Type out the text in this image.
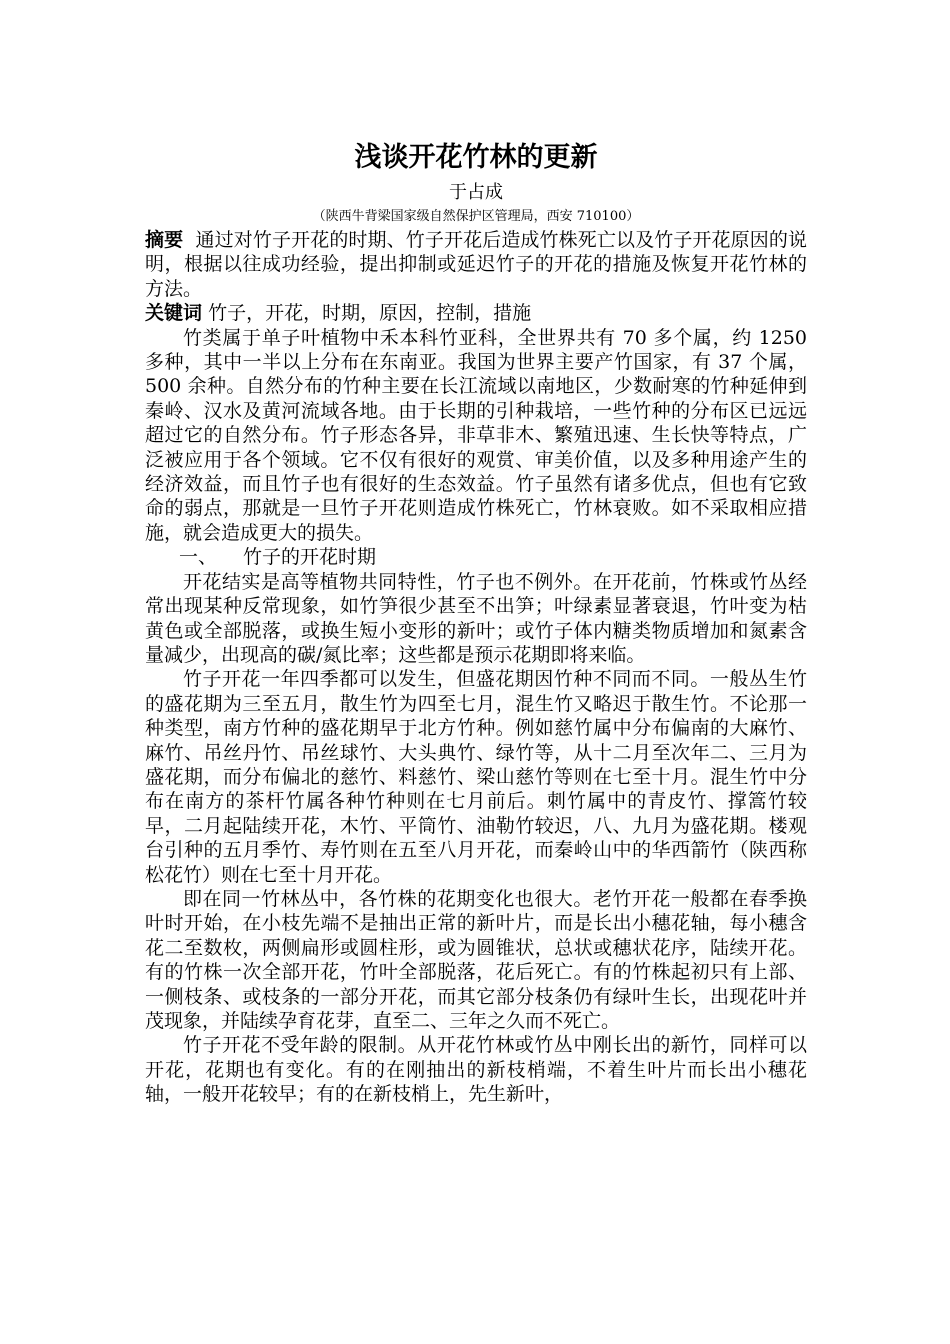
浅谈开花竹林的更新

于占成

（陕西牛背梁国家级自然保护区管理局，西安 710100）

摘要 通过对竹子开花的时期、竹子开花后造成竹株死亡以及竹子开花原因的说明，根据以往成功经验，提出抑制或延迟竹子的开花的措施及恢复开花竹林的方法。

关键词 竹子，开花，时期，原因，控制，措施

竹类属于单子叶植物中禾本科竹亚科，全世界共有 70 多个属，约 1250 多种，其中一半以上分布在东南亚。我国为世界主要产竹国家，有 37 个属，500 余种。自然分布的竹种主要在长江流域以南地区，少数耐寒的竹种延伸到秦岭、汉水及黄河流域各地。由于长期的引种栽培，一些竹种的分布区已远远超过它的自然分布。竹子形态各异，非草非木、繁殖迅速、生长快等特点，广泛被应用于各个领域。它不仅有很好的观赏、审美价值，以及多种用途产生的经济效益，而且竹子也有很好的生态效益。竹子虽然有诸多优点，但也有它致命的弱点，那就是一旦竹子开花则造成竹株死亡，竹林衰败。如不采取相应措施，就会造成更大的损失。

一、 竹子的开花时期

开花结实是高等植物共同特性，竹子也不例外。在开花前，竹株或竹丛经常出现某种反常现象，如竹笋很少甚至不出笋；叶绿素显著衰退，竹叶变为枯黄色或全部脱落，或换生短小变形的新叶；或竹子体内糖类物质增加和氮素含量减少，出现高的碳/氮比率；这些都是预示花期即将来临。

竹子开花一年四季都可以发生，但盛花期因竹种不同而不同。一般丛生竹的盛花期为三至五月，散生竹为四至七月，混生竹又略迟于散生竹。不论那一种类型，南方竹种的盛花期早于北方竹种。例如慈竹属中分布偏南的大麻竹、麻竹、吊丝丹竹、吊丝球竹、大头典竹、绿竹等，从十二月至次年二、三月为盛花期，而分布偏北的慈竹、料慈竹、梁山慈竹等则在七至十月。混生竹中分布在南方的茶杆竹属各种竹种则在七月前后。刺竹属中的青皮竹、撑篙竹较早，二月起陆续开花，木竹、平筒竹、油勒竹较迟，八、九月为盛花期。楼观台引种的五月季竹、寿竹则在五至八月开花，而秦岭山中的华西箭竹（陕西称松花竹）则在七至十月开花。

即在同一竹林丛中，各竹株的花期变化也很大。老竹开花一般都在春季换叶时开始，在小枝先端不是抽出正常的新叶片，而是长出小穗花轴，每小穗含花二至数枚，两侧扁形或圆柱形，或为圆锥状，总状或穗状花序，陆续开花。有的竹株一次全部开花，竹叶全部脱落，花后死亡。有的竹株起初只有上部、一侧枝条、或枝条的一部分开花，而其它部分枝条仍有绿叶生长，出现花叶并茂现象，并陆续孕育花芽，直至二、三年之久而不死亡。

竹子开花不受年龄的限制。从开花竹林或竹丛中刚长出的新竹，同样可以开花，花期也有变化。有的在刚抽出的新枝梢端，不着生叶片而长出小穗花轴，一般开花较早；有的在新枝梢上，先生新叶，
